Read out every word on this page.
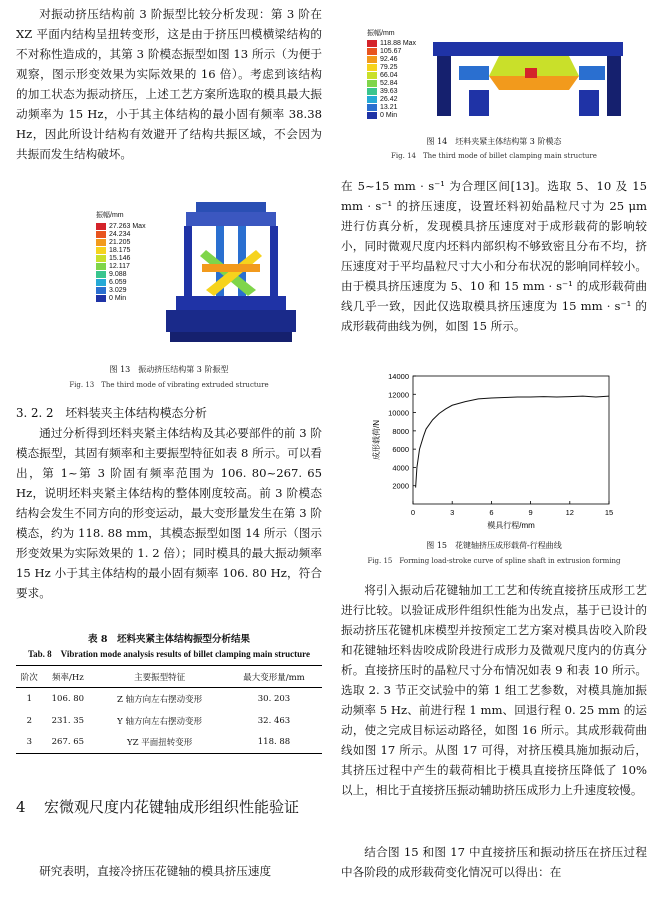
对振动挤压结构前 3 阶振型比较分析发现：第 3 阶在 XZ 平面内结构呈扭转变形，这是由于挤压凹模横梁结构的不对称性造成的，其第 3 阶模态振型如图 13 所示（为便于观察，图示形变效果为实际效果的 16 倍）。考虑到该结构的加工状态为振动挤压，上述工艺方案所选取的模具最大振动频率为 15 Hz，小于其主体结构的最小固有频率 38.38 Hz，因此所设计结构有效避开了结构共振区域，不会因为共振而发生结构破坏。

振幅/mm
27.263 Max
24.234
21.205
18.175
15.146
12.117
9.088
6.059
3.029
0 Min
图 13　振动挤压结构第 3 阶振型
Fig. 13　The third mode of vibrating extruded structure
3. 2. 2　坯料装夹主体结构模态分析

通过分析得到坯料夹紧主体结构及其必要部件的前 3 阶模态振型，其固有频率和主要振型特征如表 8 所示。可以看出，第 1~第 3 阶固有频率范围为 106. 80~267. 65 Hz，说明坯料夹紧主体结构的整体刚度较高。前 3 阶模态结构会发生不同方向的形变运动，最大变形量发生在第 3 阶模态，约为 118. 88 mm，其模态振型如图 14 所示（图示形变效果为实际效果的 1. 2 倍）；同时模具的最大振动频率 15 Hz 小于其主体结构的最小固有频率 106. 80 Hz，符合要求。

表 8　坯料夹紧主体结构振型分析结果
Tab. 8　Vibration mode analysis results of billet clamping main structure
阶次	频率/Hz	主要振型特征	最大变形量/mm
1	106. 80	Z 轴方向左右摆动变形	30. 203
2	231. 35	Y 轴方向左右摆动变形	32. 463
3	267. 65	YZ 平面扭转变形	118. 88
4 宏微观尺度内花键轴成形组织性能验证

研究表明，直接冷挤压花键轴的模具挤压速度

振幅/mm
118.88 Max
105.67
92.46
79.25
66.04
52.84
39.63
26.42
13.21
0 Min
图 14　坯料夹紧主体结构第 3 阶模态
Fig. 14　The third mode of billet clamping main structure

在 5~15 mm · s⁻¹ 为合理区间[13]。选取 5、10 及 15 mm · s⁻¹ 的挤压速度，设置坯料初始晶粒尺寸为 25 μm 进行仿真分析，发现模具挤压速度对于成形载荷的影响较小，同时微观尺度内坯料内部织构不够致密且分布不均，挤压速度对于平均晶粒尺寸大小和分布状况的影响同样较小。由于模具挤压速度为 5、10 和 15 mm · s⁻¹ 的成形载荷曲线几乎一致，因此仅选取模具挤压速度为 15 mm · s⁻¹ 的成形载荷曲线为例，如图 15 所示。

2000
4000
6000
8000
10000
12000
14000
0	3	6	9	12	15
模具行程/mm
成形载荷/N
图 15　花键轴挤压成形载荷-行程曲线
Fig. 15　Forming load-stroke curve of spline shaft in extrusion forming

将引入振动后花键轴加工工艺和传统直接挤压成形工艺进行比较。以验证成形件组织性能为出发点，基于已设计的振动挤压花键机床模型并按预定工艺方案对模具齿咬入阶段和花键轴坯料齿咬成阶段进行成形力及微观尺度内的仿真分析。直接挤压时的晶粒尺寸分布情况如表 9 和表 10 所示。选取 2. 3 节正交试验中的第 1 组工艺参数，对模具施加振动频率 5 Hz、前进行程 1 mm、回退行程 0. 25 mm 的运动，使之完成目标运动路径，如图 16 所示。其成形载荷曲线如图 17 所示。从图 17 可得，对挤压模具施加振动后，其挤压过程中产生的载荷相比于模具直接挤压降低了 10%以上，相比于直接挤压振动辅助挤压成形力上升速度较慢。

结合图 15 和图 17 中直接挤压和振动挤压在挤压过程中各阶段的成形载荷变化情况可以得出：在
